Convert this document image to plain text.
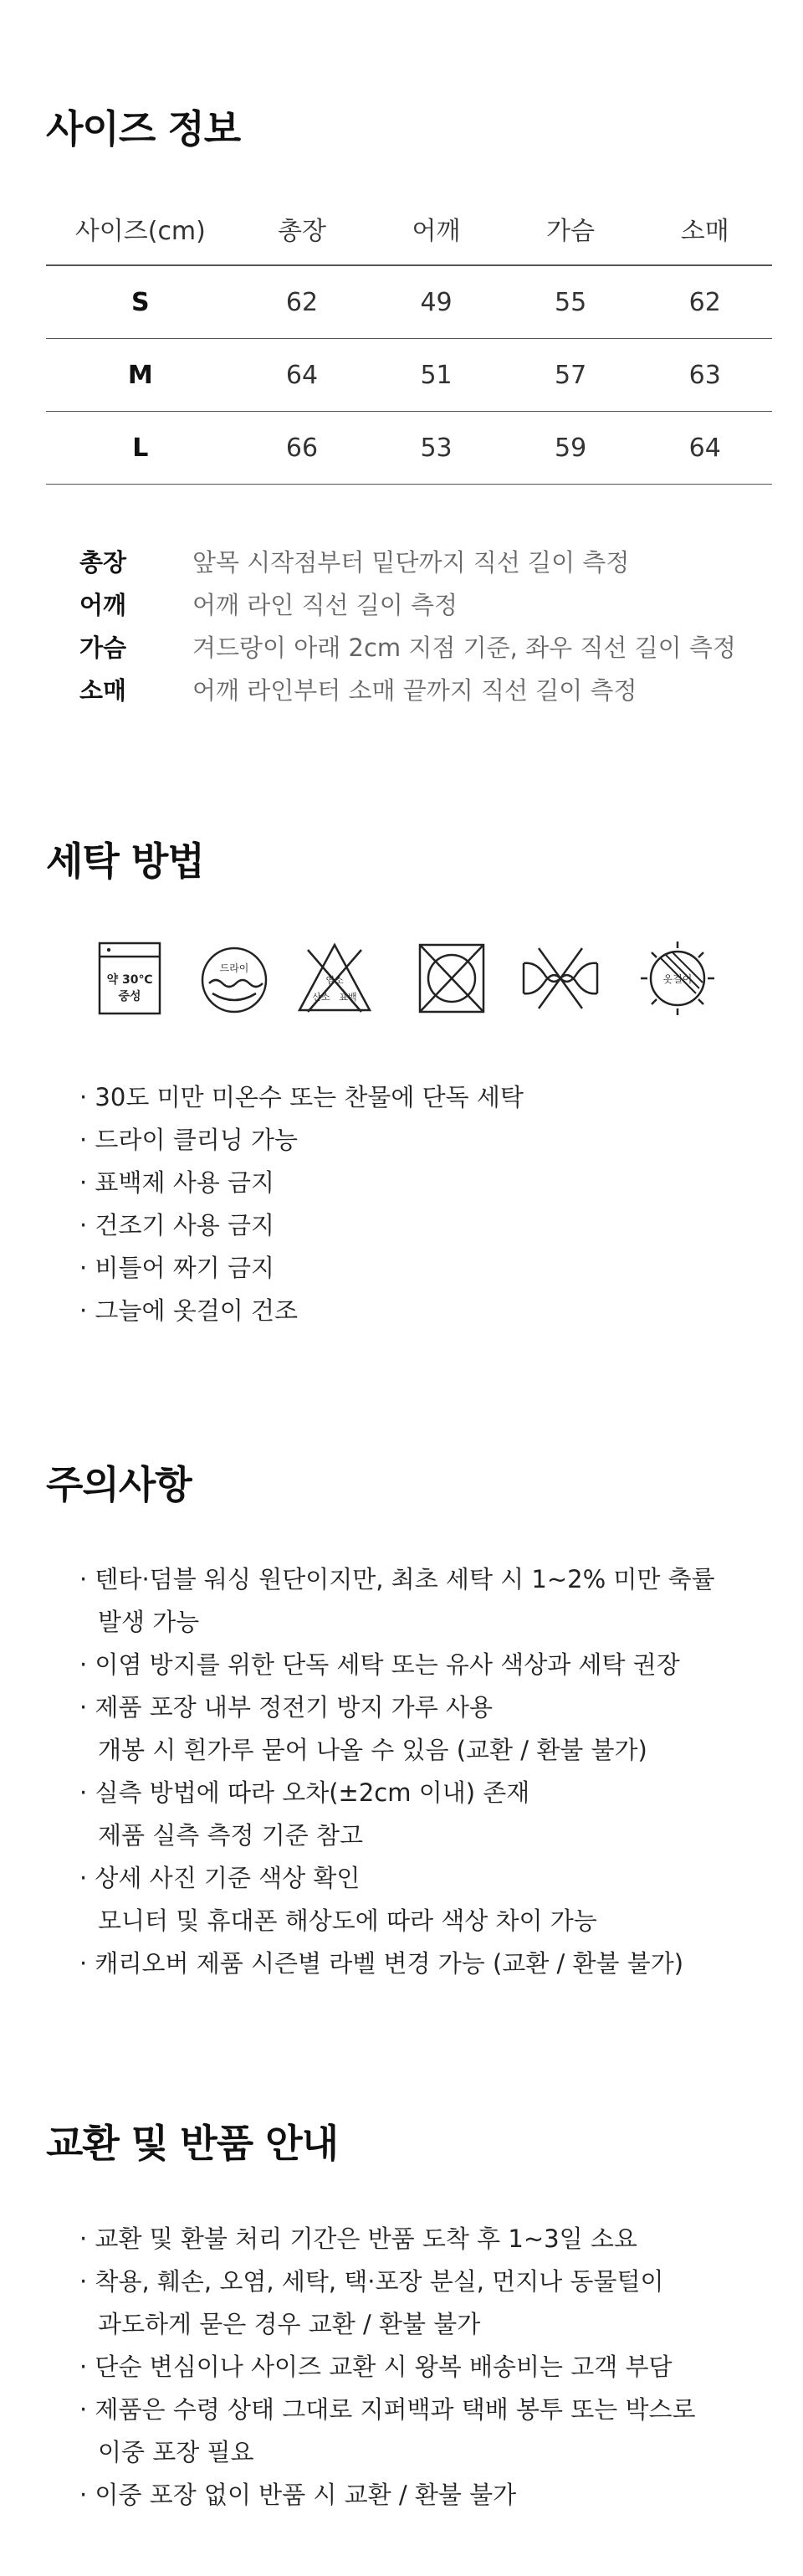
사이즈 정보
사이즈(cm)	총장	어깨	가슴	소매
S	62	49	55	62
M	64	51	57	63
L	66	53	59	64
총장	앞목 시작점부터 밑단까지 직선 길이 측정
어깨	어깨 라인 직선 길이 측정
가슴	겨드랑이 아래 2cm 지점 기준, 좌우 직선 길이 측정
소매	어깨 라인부터 소매 끝까지 직선 길이 측정
세탁 방법
약 30℃
중성
드라이
염소
산소 표백
옷걸이
· 30도 미만 미온수 또는 찬물에 단독 세탁
· 드라이 클리닝 가능
· 표백제 사용 금지
· 건조기 사용 금지
· 비틀어 짜기 금지
· 그늘에 옷걸이 건조
주의사항
· 텐타·덤블 워싱 원단이지만, 최초 세탁 시 1~2% 미만 축률
발생 가능
· 이염 방지를 위한 단독 세탁 또는 유사 색상과 세탁 권장
· 제품 포장 내부 정전기 방지 가루 사용
개봉 시 흰가루 묻어 나올 수 있음 (교환 / 환불 불가)
· 실측 방법에 따라 오차(±2cm 이내) 존재
제품 실측 측정 기준 참고
· 상세 사진 기준 색상 확인
모니터 및 휴대폰 해상도에 따라 색상 차이 가능
· 캐리오버 제품 시즌별 라벨 변경 가능 (교환 / 환불 불가)
교환 및 반품 안내
· 교환 및 환불 처리 기간은 반품 도착 후 1~3일 소요
· 착용, 훼손, 오염, 세탁, 택·포장 분실, 먼지나 동물털이
과도하게 묻은 경우 교환 / 환불 불가
· 단순 변심이나 사이즈 교환 시 왕복 배송비는 고객 부담
· 제품은 수령 상태 그대로 지퍼백과 택배 봉투 또는 박스로
이중 포장 필요
· 이중 포장 없이 반품 시 교환 / 환불 불가
